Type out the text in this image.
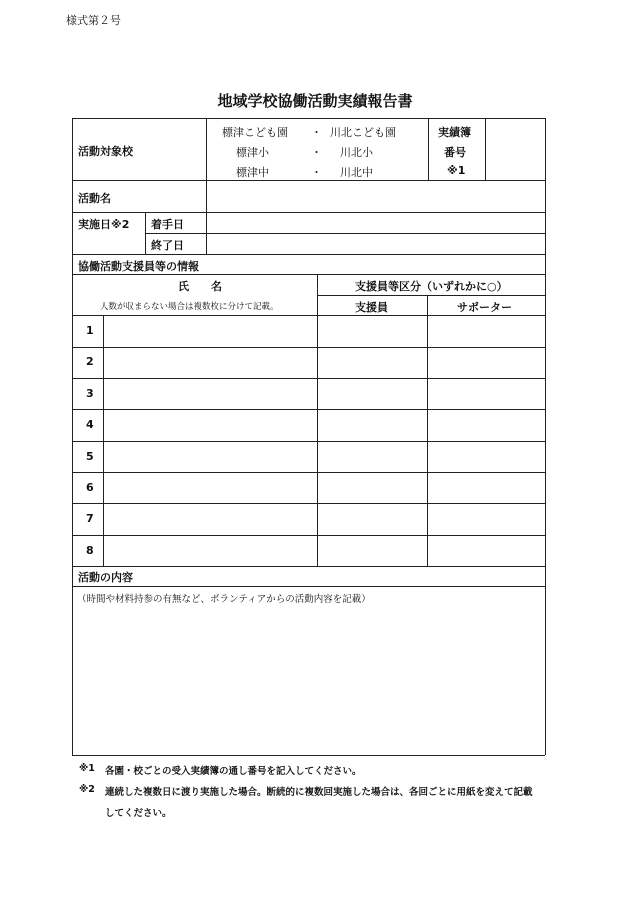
様式第２号
地域学校協働活動実績報告書
活動対象校
標津こども園
標津小
標津中
・
・
・
川北こども園
川北小
川北中
実績簿
番号
※1
活動名
実施日※2 着手日
終了日
協働活動支援員等の情報
氏　　名
人数が収まらない場合は複数枚に分けて記載。
支援員等区分（いずれかに○）
支援員	サポーター
1
2
3
4
5
6
7
8
活動の内容
（時間や材料持参の有無など、ボランティアからの活動内容を記載）
※1 各園・校ごとの受入実績簿の通し番号を記入してください。
※2 連続した複数日に渡り実施した場合。断続的に複数回実施した場合は、各回ごとに用紙を変えて記載
してください。
